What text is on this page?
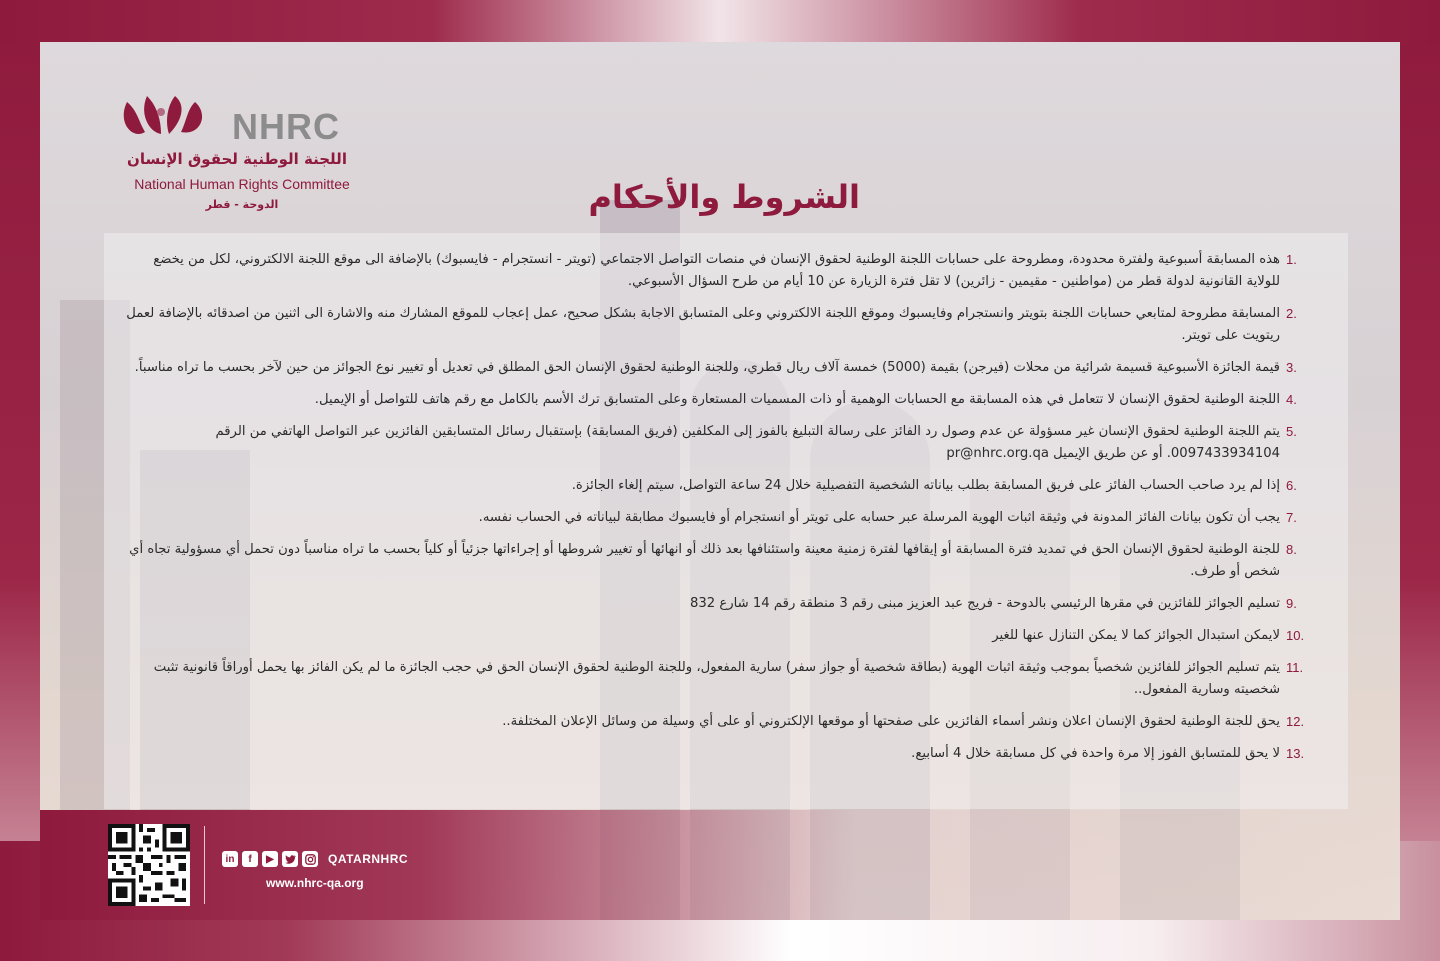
NHRC
اللجنة الوطنية لحقوق الإنسان
National Human Rights Committee
الدوحة - قطر	الشروط والأحكام
1.
هذه المسابقة أسبوعية ولفترة محدودة، ومطروحة على حسابات اللجنة الوطنية لحقوق الإنسان في منصات التواصل الاجتماعي (تويتر - انستجرام - فايسبوك) بالإضافة الى موقع اللجنة الالكتروني، لكل من يخضع للولاية القانونية لدولة قطر من (مواطنين - مقيمين - زائرين) لا تقل فترة الزيارة عن 10 أيام من طرح السؤال الأسبوعي.
2.
المسابقة مطروحة لمتابعي حسابات اللجنة بتويتر وانستجرام وفايسبوك وموقع اللجنة الالكتروني وعلى المتسابق الاجابة بشكل صحيح، عمل إعجاب للموقع المشارك منه والاشارة الى اثنين من اصدقائه بالإضافة لعمل ريتويت على تويتر.
3.
قيمة الجائزة الأسبوعية قسيمة شرائية من محلات (فيرجن) بقيمة (5000) خمسة آلاف ريال قطري، وللجنة الوطنية لحقوق الإنسان الحق المطلق في تعديل أو تغيير نوع الجوائز من حين لآخر بحسب ما تراه مناسباً.
4.
اللجنة الوطنية لحقوق الإنسان لا تتعامل في هذه المسابقة مع الحسابات الوهمية أو ذات المسميات المستعارة وعلى المتسابق ترك الأسم بالكامل مع رقم هاتف للتواصل أو الإيميل.
5.
يتم اللجنة الوطنية لحقوق الإنسان غير مسؤولة عن عدم وصول رد الفائز على رسالة التبليغ بالفوز إلى المكلفين (فريق المسابقة) بإستقبال رسائل المتسابقين الفائزين عبر التواصل الهاتفي من الرقم 0097433934104. أو عن طريق الإيميل pr@nhrc.org.qa
6.
إذا لم يرد صاحب الحساب الفائز على فريق المسابقة بطلب بياناته الشخصية التفصيلية خلال 24 ساعة التواصل، سيتم إلغاء الجائزة.
7.
يجب أن تكون بيانات الفائز المدونة في وثيقة اثبات الهوية المرسلة عبر حسابه على تويتر أو انستجرام أو فايسبوك مطابقة لبياناته في الحساب نفسه.
8.
للجنة الوطنية لحقوق الإنسان الحق في تمديد فترة المسابقة أو إيقافها لفترة زمنية معينة واستئنافها بعد ذلك أو انهائها أو تغيير شروطها أو إجراءاتها جزئياً أو كلياً بحسب ما تراه مناسباً دون تحمل أي مسؤولية تجاه أي شخص أو طرف.
9.
تسليم الجوائز للفائزين في مقرها الرئيسي بالدوحة - فريج عبد العزيز مبنى رقم 3 منطقة رقم 14 شارع 832
10.
لايمكن استبدال الجوائز كما لا يمكن التنازل عنها للغير
11.
يتم تسليم الجوائز للفائزين شخصياً بموجب وثيقة اثبات الهوية (بطاقة شخصية أو جواز سفر) سارية المفعول، وللجنة الوطنية لحقوق الإنسان الحق في حجب الجائزة ما لم يكن الفائز بها يحمل أوراقاً قانونية تثبت شخصيته وسارية المفعول..
12.
يحق للجنة الوطنية لحقوق الإنسان اعلان ونشر أسماء الفائزين على صفحتها أو موقعها الإلكتروني أو على أي وسيلة من وسائل الإعلان المختلفة..
13.
لا يحق للمتسابق الفوز إلا مرة واحدة في كل مسابقة خلال 4 أسابيع.
in	f	▶	QATARNHRC
www.nhrc-qa.org
